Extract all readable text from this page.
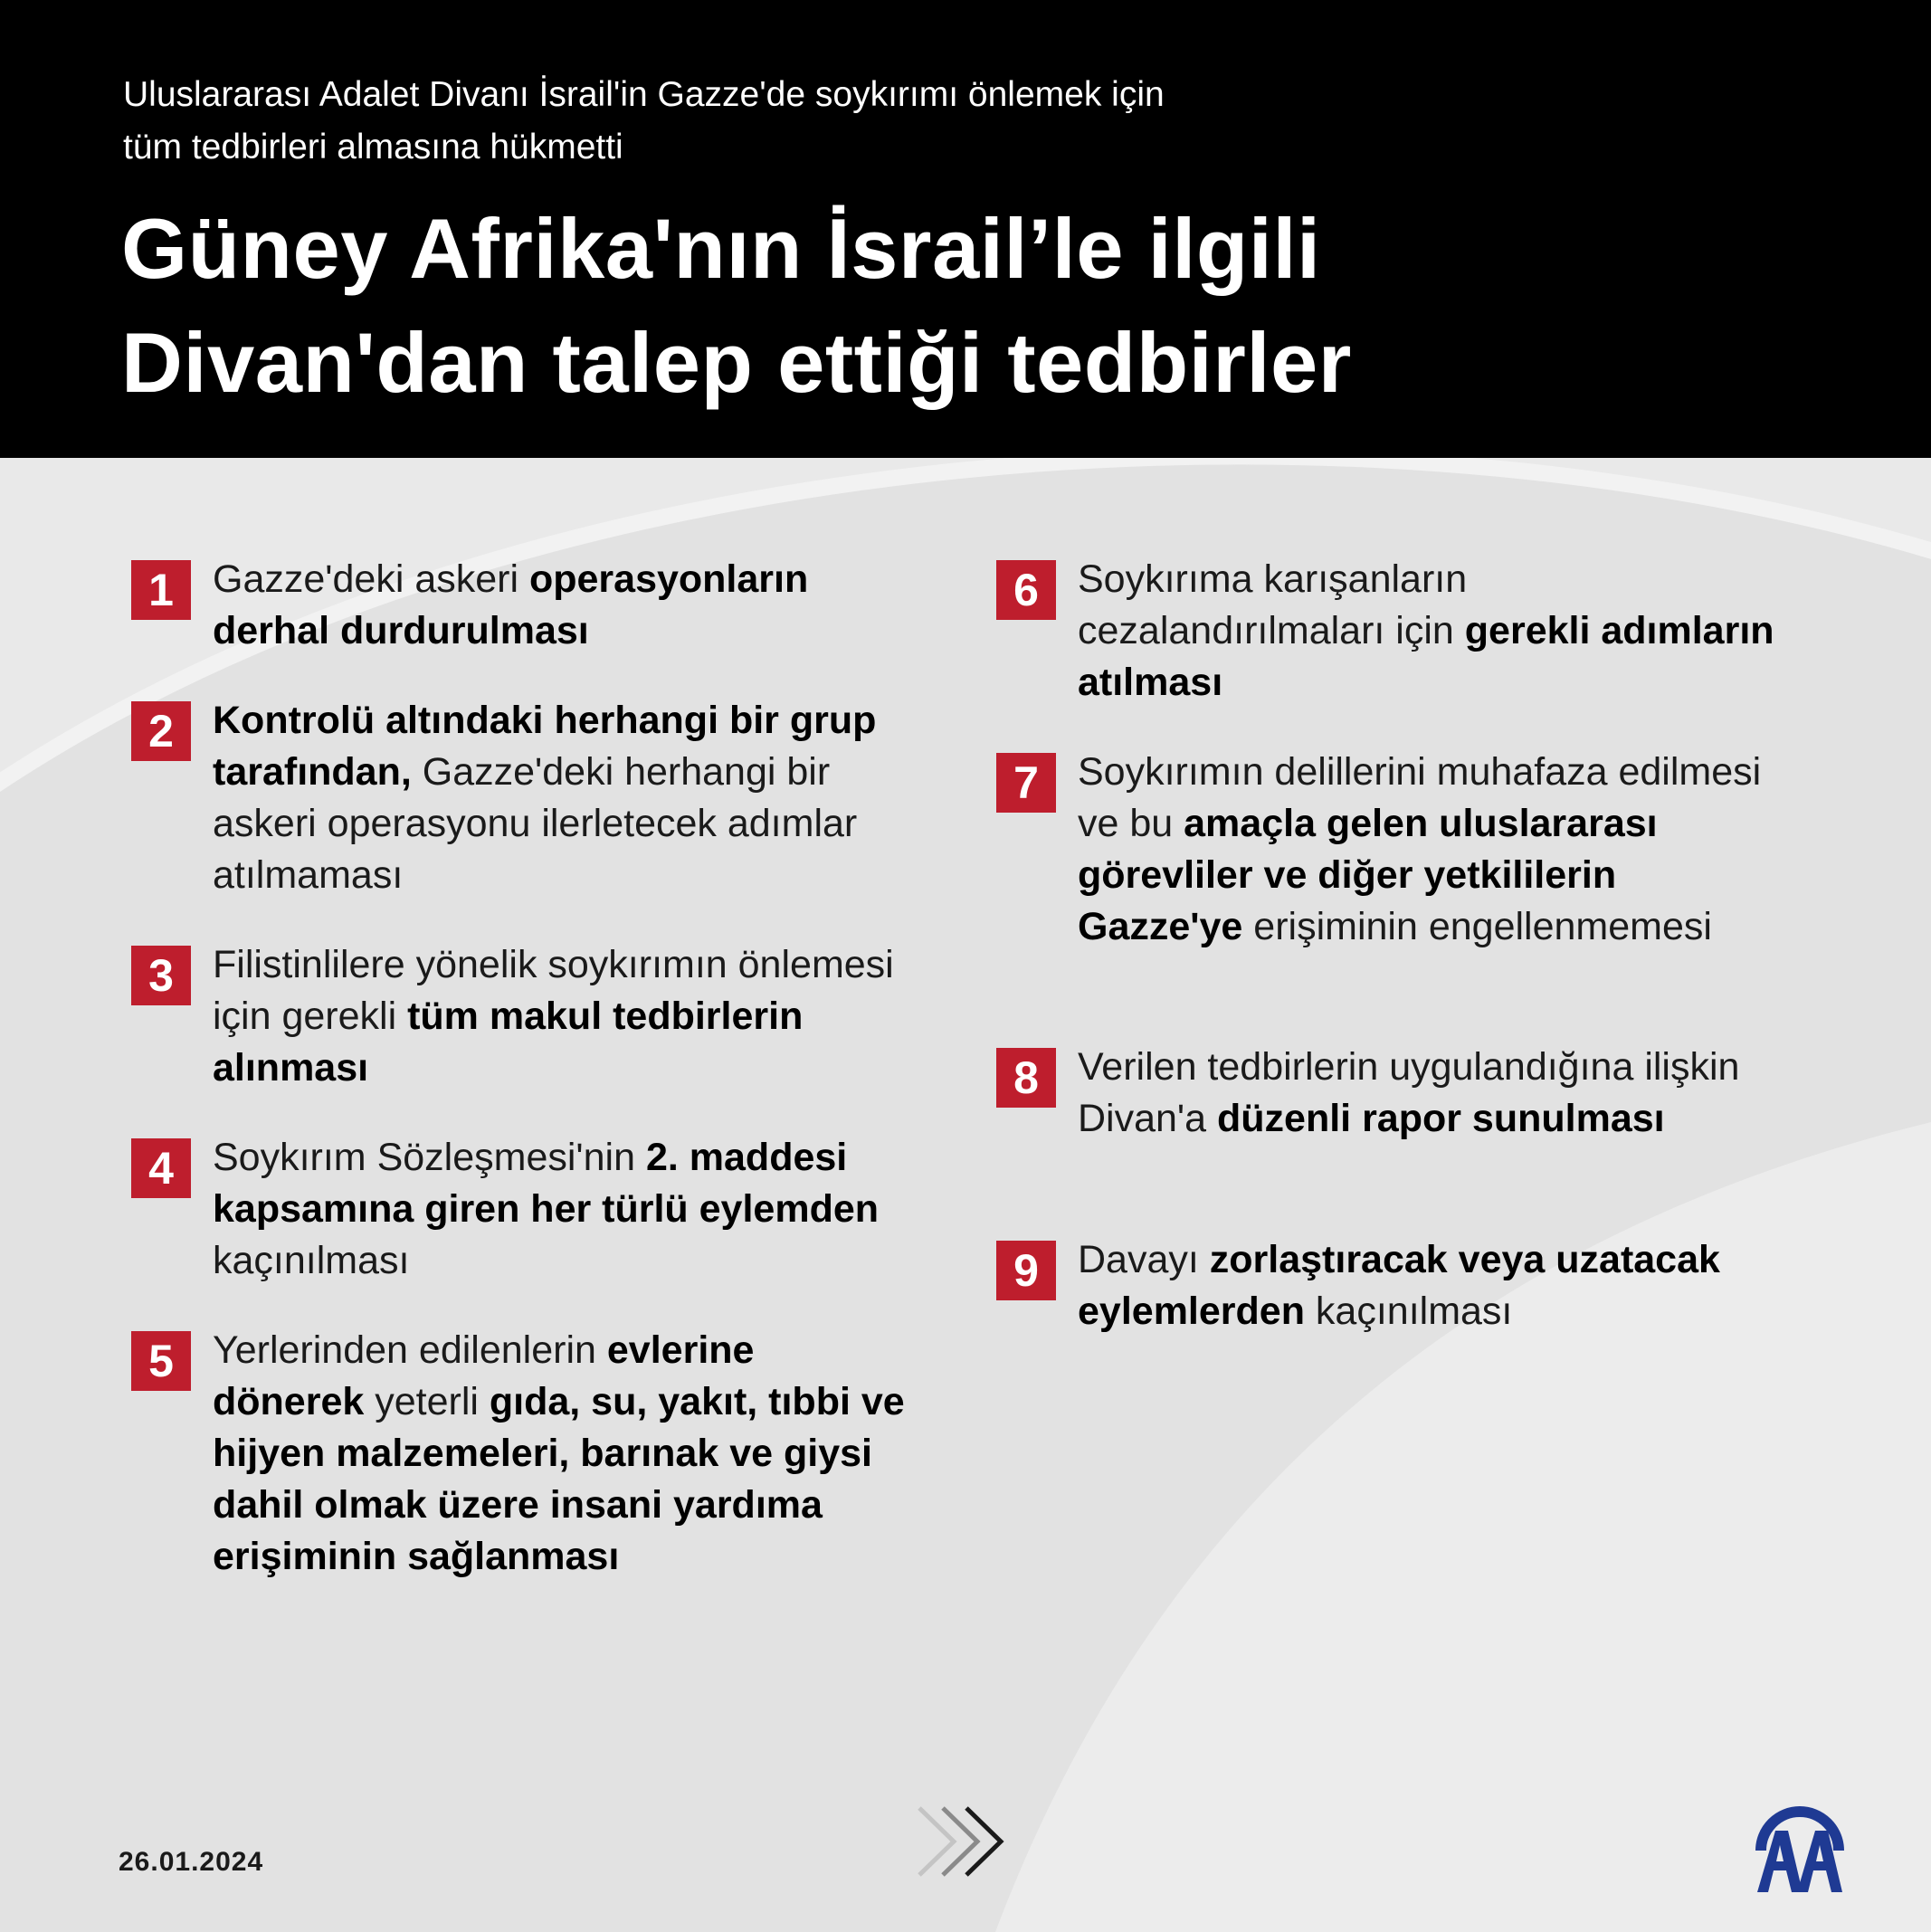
Uluslararası Adalet Divanı İsrail'in Gazze'de soykırımı önlemek için
tüm tedbirleri almasına hükmetti
Güney Afrika'nın İsrail’le ilgili
Divan'dan talep ettiği tedbirler
1	Gazze'deki askeri operasyonların derhal durdurulması
2	Kontrolü altındaki herhangi bir grup tarafından, Gazze'deki herhangi bir askeri operasyonu ilerletecek adımlar atılmaması
3	Filistinlilere yönelik soykırımın önlemesi için gerekli tüm makul tedbirlerin alınması
4	Soykırım Sözleşmesi'nin 2. maddesi kapsamına giren her türlü eylemden kaçınılması
5	Yerlerinden edilenlerin evlerine dönerek yeterli gıda, su, yakıt, tıbbi ve hijyen malzemeleri, barınak ve giysi dahil olmak üzere insani yardıma erişiminin sağlanması
6	Soykırıma karışanların cezalandırılmaları için gerekli adımların atılması
7	Soykırımın delillerini muhafaza edilmesi ve bu amaçla gelen uluslararası görevliler ve diğer yetkililerin Gazze'ye erişiminin engellenmemesi
8	Verilen tedbirlerin uygulandığına ilişkin Divan'a düzenli rapor sunulması
9	Davayı zorlaştıracak veya uzatacak eylemlerden kaçınılması
26.01.2024
